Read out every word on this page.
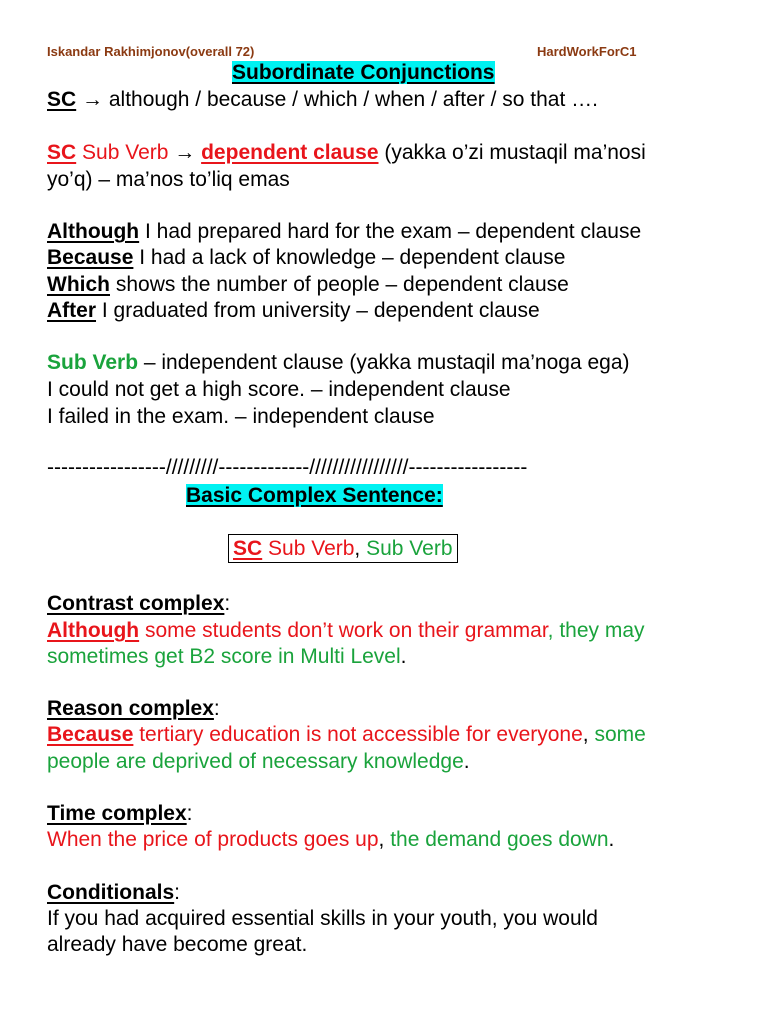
Iskandar Rakhimjonov(overall 72)	HardWorkForC1
Subordinate Conjunctions
SC → although / because / which / when / after / so that ….
SC Sub Verb → dependent clause (yakka o’zi mustaqil ma’nosi
yo’q) – ma’nos to’liq emas
Although I had prepared hard for the exam – dependent clause
Because I had a lack of knowledge – dependent clause
Which shows the number of people – dependent clause
After I graduated from university – dependent clause
Sub Verb – independent clause (yakka mustaqil ma’noga ega)
I could not get a high score. – independent clause
I failed in the exam. – independent clause
-----------------/////////-------------/////////////////-----------------
Basic Complex Sentence:
SC Sub Verb, Sub Verb
Contrast complex:
Although some students don’t work on their grammar, they may
sometimes get B2 score in Multi Level.
Reason complex:
Because tertiary education is not accessible for everyone, some
people are deprived of necessary knowledge.
Time complex:
When the price of products goes up, the demand goes down.
Conditionals:
If you had acquired essential skills in your youth, you would
already have become great.
